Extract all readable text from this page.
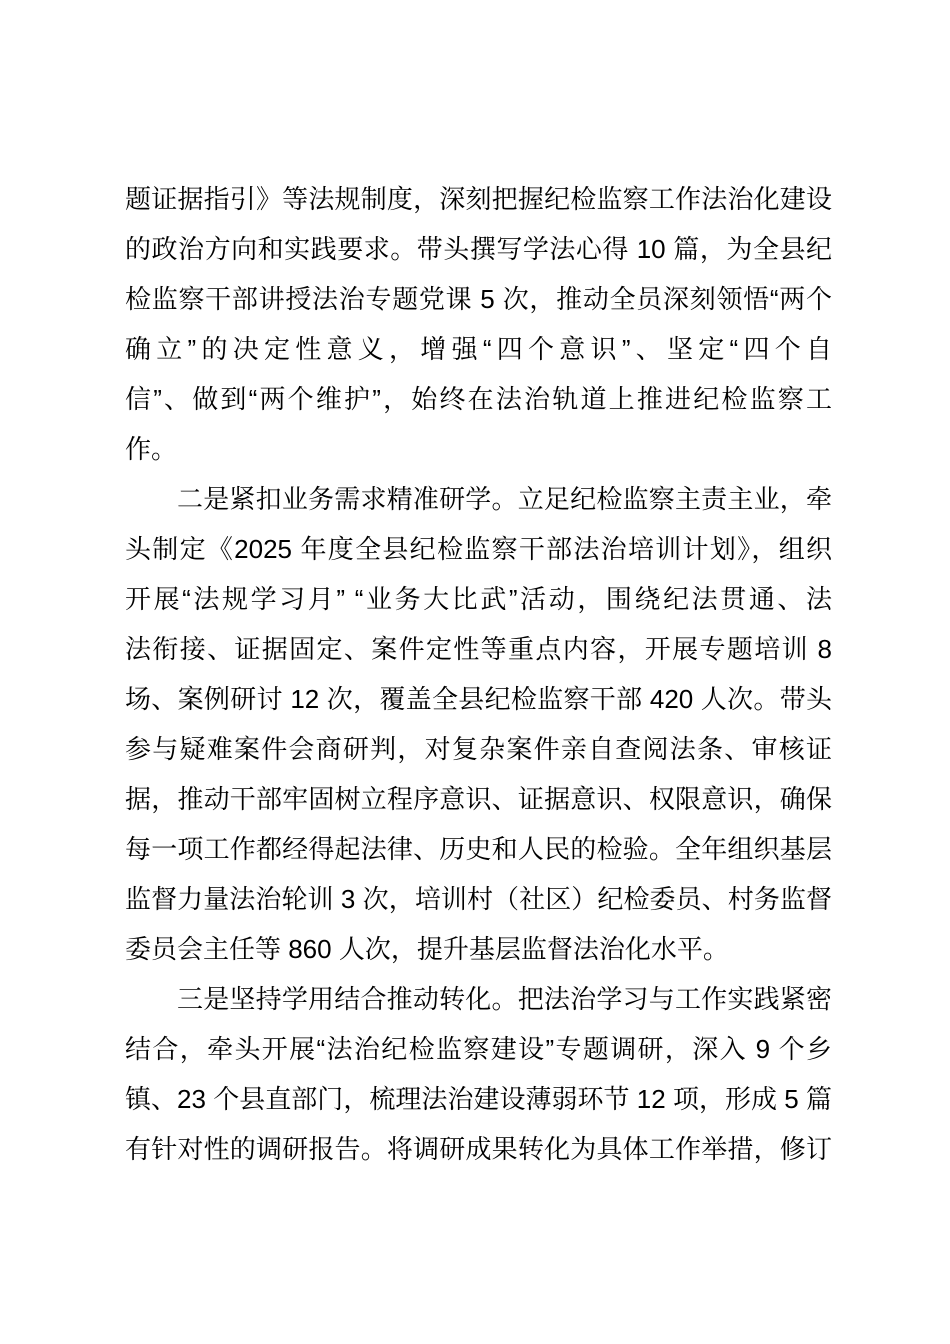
题证据指引》等法规制度，深刻把握纪检监察工作法治化建设
的政治方向和实践要求。带头撰写学法心得 10 篇，为全县纪
检监察干部讲授法治专题党课 5 次，推动全员深刻领悟“两个
确立”的决定性意义，增强“四个意识”、坚定“四个自
信”、做到“两个维护”，始终在法治轨道上推进纪检监察工
作。
二是紧扣业务需求精准研学。立足纪检监察主责主业，牵
头制定《2025 年度全县纪检监察干部法治培训计划》，组织
开展“法规学习月” “业务大比武”活动，围绕纪法贯通、法
法衔接、证据固定、案件定性等重点内容，开展专题培训 8
场、案例研讨 12 次，覆盖全县纪检监察干部 420 人次。带头
参与疑难案件会商研判，对复杂案件亲自查阅法条、审核证
据，推动干部牢固树立程序意识、证据意识、权限意识，确保
每一项工作都经得起法律、历史和人民的检验。全年组织基层
监督力量法治轮训 3 次，培训村（社区）纪检委员、村务监督
委员会主任等 860 人次，提升基层监督法治化水平。
三是坚持学用结合推动转化。把法治学习与工作实践紧密
结合，牵头开展“法治纪检监察建设”专题调研，深入 9 个乡
镇、23 个县直部门，梳理法治建设薄弱环节 12 项，形成 5 篇
有针对性的调研报告。将调研成果转化为具体工作举措，修订
